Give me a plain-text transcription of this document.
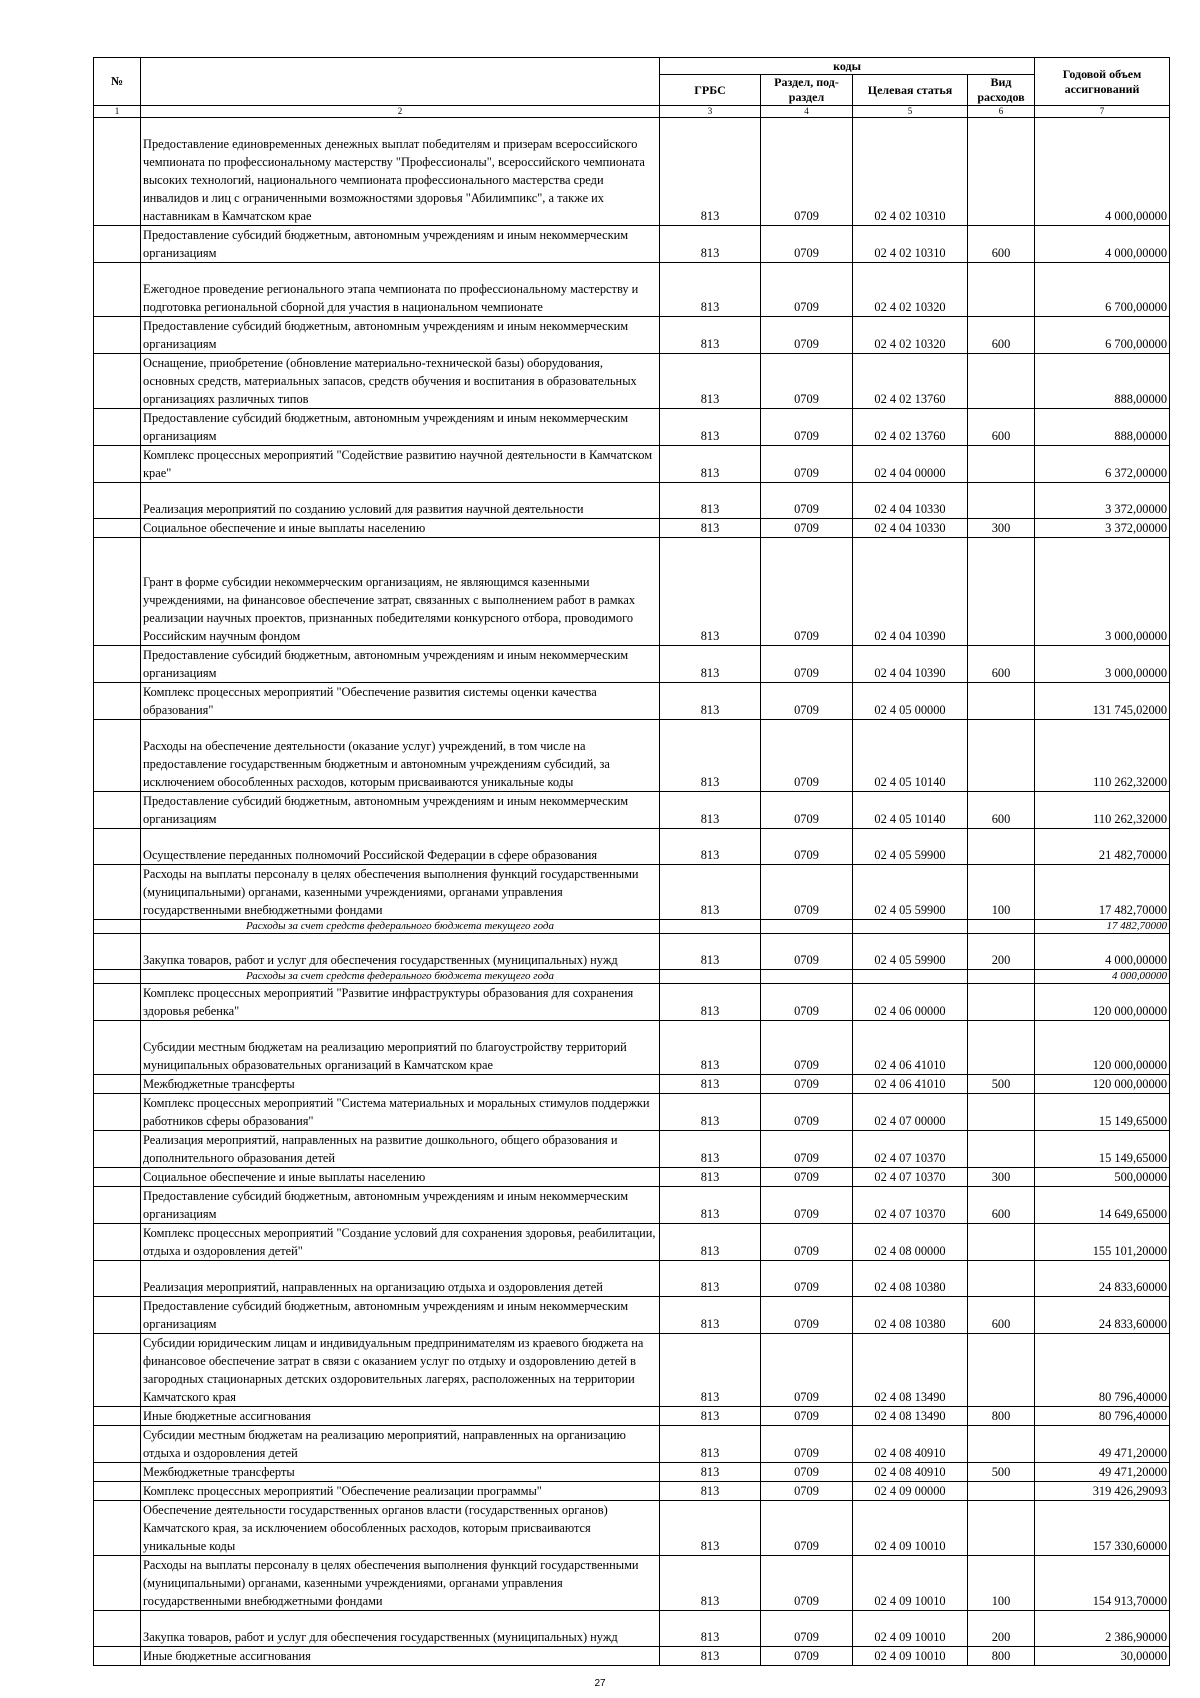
№		коды				Годовой объем ассигнований
		ГРБС	Раздел, под-раздел	Целевая статья	Вид расходов	
1	2	3	4	5	6	7
	Предоставление единовременных денежных выплат победителям и призерам всероссийского чемпионата по профессиональному мастерству "Профессионалы", всероссийского чемпионата высоких технологий, национального чемпионата профессионального мастерства среди инвалидов и лиц с ограниченными возможностями здоровья "Абилимпикс", а также их наставникам в Камчатском крае	813	0709	02 4 02 10310		4 000,00000
	Предоставление субсидий бюджетным, автономным учреждениям и иным некоммерческим организациям	813	0709	02 4 02 10310	600	4 000,00000
	Ежегодное проведение регионального этапа чемпионата по профессиональному мастерству и подготовка региональной сборной для участия в национальном чемпионате	813	0709	02 4 02 10320		6 700,00000
	Предоставление субсидий бюджетным, автономным учреждениям и иным некоммерческим организациям	813	0709	02 4 02 10320	600	6 700,00000
	Оснащение, приобретение (обновление материально-технической базы) оборудования, основных средств, материальных запасов, средств обучения и воспитания в образовательных организациях различных типов	813	0709	02 4 02 13760		888,00000
	Предоставление субсидий бюджетным, автономным учреждениям и иным некоммерческим организациям	813	0709	02 4 02 13760	600	888,00000
	Комплекс процессных мероприятий "Содействие развитию научной деятельности в Камчатском крае"	813	0709	02 4 04 00000		6 372,00000
	Реализация мероприятий по созданию условий для развития научной деятельности	813	0709	02 4 04 10330		3 372,00000
	Социальное обеспечение и иные выплаты населению	813	0709	02 4 04 10330	300	3 372,00000
	Грант в форме субсидии некоммерческим организациям, не являющимся казенными учреждениями, на финансовое обеспечение затрат, связанных с выполнением работ в рамках реализации научных проектов, признанных победителями конкурсного отбора, проводимого Российским научным фондом	813	0709	02 4 04 10390		3 000,00000
	Предоставление субсидий бюджетным, автономным учреждениям и иным некоммерческим организациям	813	0709	02 4 04 10390	600	3 000,00000
	Комплекс процессных мероприятий "Обеспечение развития системы оценки качества образования"	813	0709	02 4 05 00000		131 745,02000
	Расходы на обеспечение деятельности (оказание услуг) учреждений, в том числе на предоставление государственным бюджетным и автономным учреждениям субсидий, за исключением обособленных расходов, которым присваиваются уникальные коды	813	0709	02 4 05 10140		110 262,32000
	Предоставление субсидий бюджетным, автономным учреждениям и иным некоммерческим организациям	813	0709	02 4 05 10140	600	110 262,32000
	Осуществление переданных полномочий Российской Федерации в сфере образования	813	0709	02 4 05 59900		21 482,70000
	Расходы на выплаты персоналу в целях обеспечения выполнения функций государственными (муниципальными) органами, казенными учреждениями, органами управления государственными внебюджетными фондами	813	0709	02 4 05 59900	100	17 482,70000
	Расходы за счет средств федерального бюджета текущего года					17 482,70000
	Закупка товаров, работ и услуг для обеспечения государственных (муниципальных) нужд	813	0709	02 4 05 59900	200	4 000,00000
	Расходы за счет средств федерального бюджета текущего года					4 000,00000
	Комплекс процессных мероприятий "Развитие инфраструктуры образования для сохранения здоровья ребенка"	813	0709	02 4 06 00000		120 000,00000
	Субсидии местным бюджетам на реализацию мероприятий по благоустройству территорий муниципальных образовательных организаций в Камчатском крае	813	0709	02 4 06 41010		120 000,00000
	Межбюджетные трансферты	813	0709	02 4 06 41010	500	120 000,00000
	Комплекс процессных мероприятий "Система материальных и моральных стимулов поддержки работников сферы образования"	813	0709	02 4 07 00000		15 149,65000
	Реализация мероприятий, направленных на развитие дошкольного, общего образования и дополнительного образования детей	813	0709	02 4 07 10370		15 149,65000
	Социальное обеспечение и иные выплаты населению	813	0709	02 4 07 10370	300	500,00000
	Предоставление субсидий бюджетным, автономным учреждениям и иным некоммерческим организациям	813	0709	02 4 07 10370	600	14 649,65000
	Комплекс процессных мероприятий "Создание условий для сохранения здоровья, реабилитации, отдыха и оздоровления детей"	813	0709	02 4 08 00000		155 101,20000
	Реализация мероприятий, направленных на организацию отдыха и оздоровления детей	813	0709	02 4 08 10380		24 833,60000
	Предоставление субсидий бюджетным, автономным учреждениям и иным некоммерческим организациям	813	0709	02 4 08 10380	600	24 833,60000
	Субсидии юридическим лицам и индивидуальным предпринимателям из краевого бюджета на финансовое обеспечение затрат в связи с оказанием услуг по отдыху и оздоровлению детей в загородных стационарных детских оздоровительных лагерях, расположенных на территории Камчатского края	813	0709	02 4 08 13490		80 796,40000
	Иные бюджетные ассигнования	813	0709	02 4 08 13490	800	80 796,40000
	Субсидии местным бюджетам на реализацию мероприятий, направленных на организацию отдыха и оздоровления детей	813	0709	02 4 08 40910		49 471,20000
	Межбюджетные трансферты	813	0709	02 4 08 40910	500	49 471,20000
	Комплекс процессных мероприятий "Обеспечение реализации программы"	813	0709	02 4 09 00000		319 426,29093
	Обеспечение деятельности государственных органов власти (государственных органов) Камчатского края, за исключением обособленных расходов, которым присваиваются уникальные коды	813	0709	02 4 09 10010		157 330,60000
	Расходы на выплаты персоналу в целях обеспечения выполнения функций государственными (муниципальными) органами, казенными учреждениями, органами управления государственными внебюджетными фондами	813	0709	02 4 09 10010	100	154 913,70000
	Закупка товаров, работ и услуг для обеспечения государственных (муниципальных) нужд	813	0709	02 4 09 10010	200	2 386,90000
	Иные бюджетные ассигнования	813	0709	02 4 09 10010	800	30,00000
27
